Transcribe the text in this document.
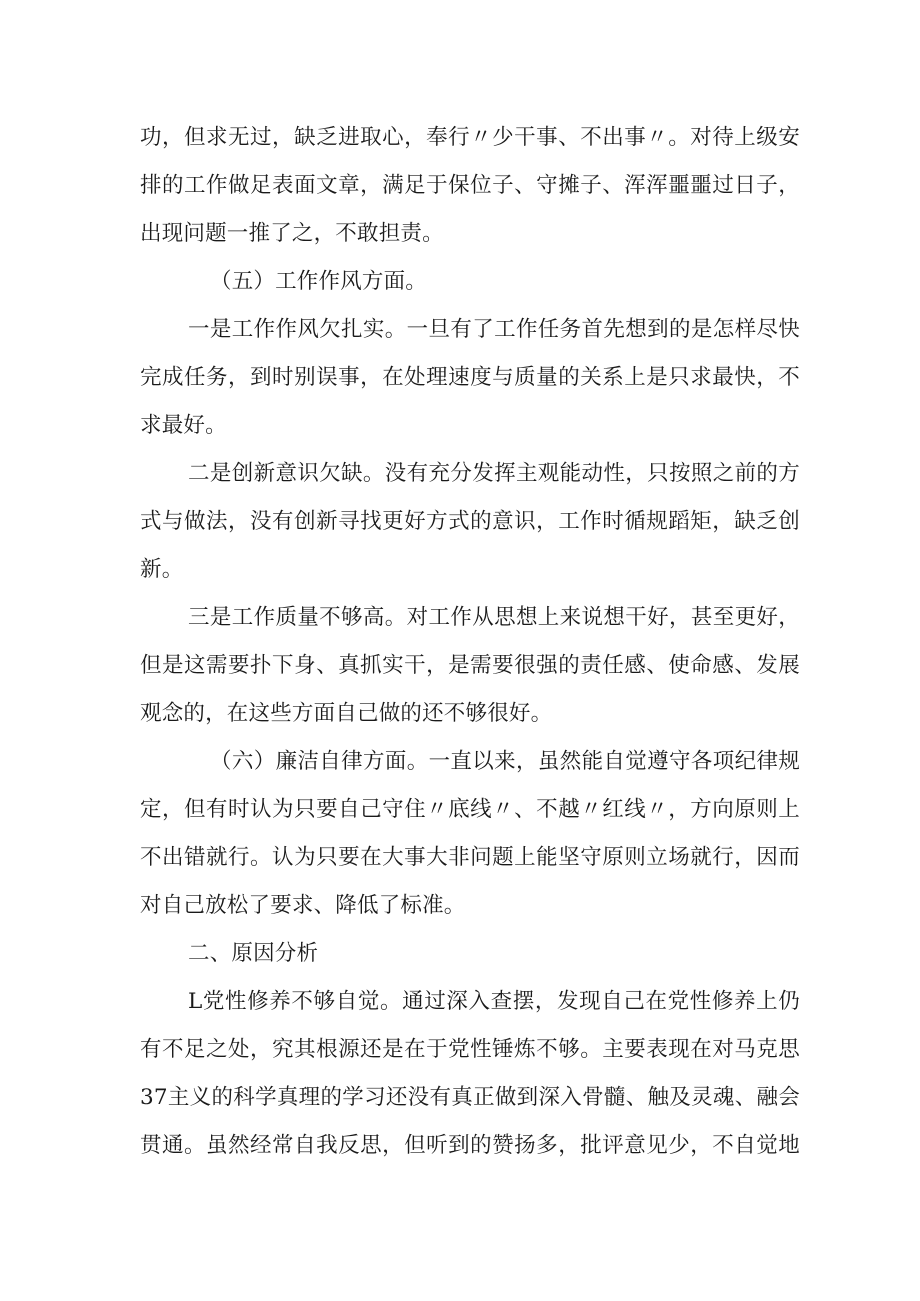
功，但求无过，缺乏进取心，奉行〃少干事、不出事〃。对待上级安
排的工作做足表面文章，满足于保位子、守摊子、浑浑噩噩过日子，
出现问题一推了之，不敢担责。
（五）工作作风方面。
一是工作作风欠扎实。一旦有了工作任务首先想到的是怎样尽快
完成任务，到时别误事，在处理速度与质量的关系上是只求最快，不
求最好。
二是创新意识欠缺。没有充分发挥主观能动性，只按照之前的方
式与做法，没有创新寻找更好方式的意识，工作时循规蹈矩，缺乏创
新。
三是工作质量不够高。对工作从思想上来说想干好，甚至更好，
但是这需要扑下身、真抓实干，是需要很强的责任感、使命感、发展
观念的，在这些方面自己做的还不够很好。
（六）廉洁自律方面。一直以来，虽然能自觉遵守各项纪律规
定，但有时认为只要自己守住〃底线〃、不越〃红线〃，方向原则上
不出错就行。认为只要在大事大非问题上能坚守原则立场就行，因而
对自己放松了要求、降低了标准。
二、原因分析
L党性修养不够自觉。通过深入查摆，发现自己在党性修养上仍
有不足之处，究其根源还是在于党性锤炼不够。主要表现在对马克思
37主义的科学真理的学习还没有真正做到深入骨髓、触及灵魂、融会
贯通。虽然经常自我反思，但听到的赞扬多，批评意见少，不自觉地
